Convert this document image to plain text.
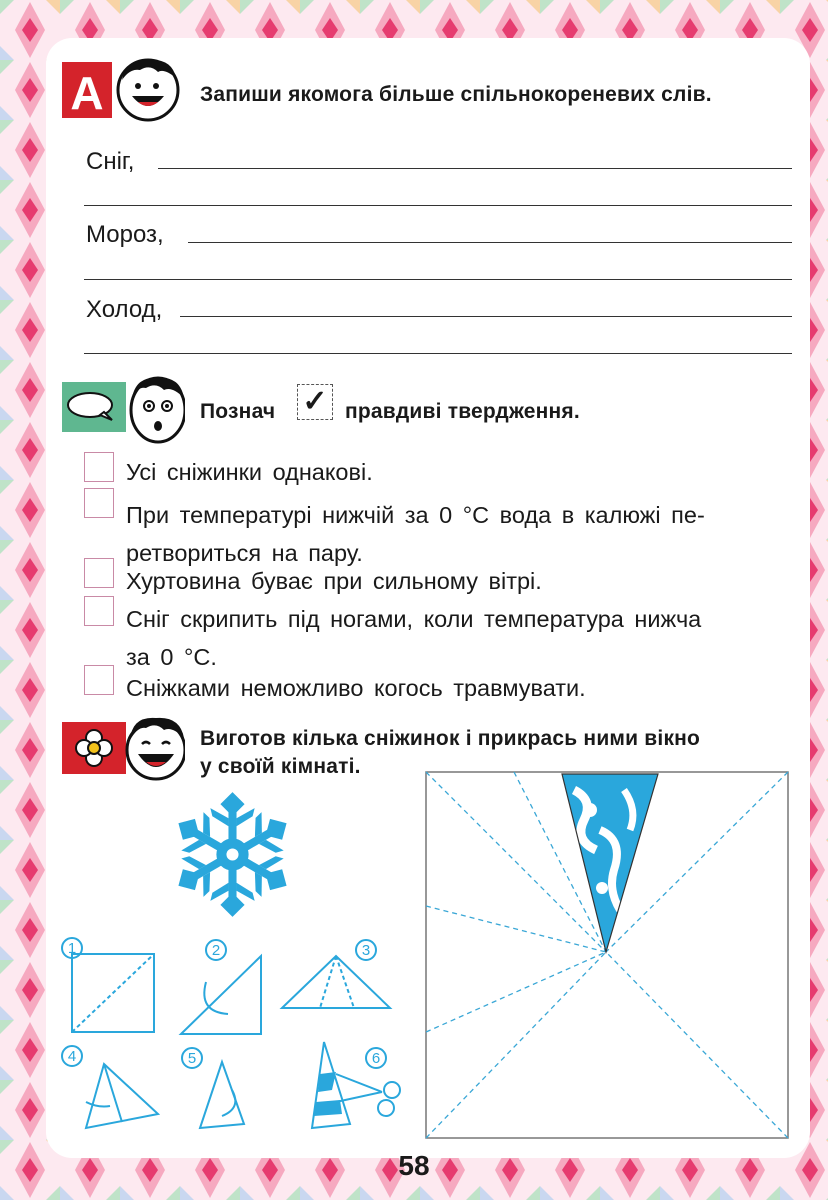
A	Запиши якомога більше спільнокореневих слів.
Сніг,
Мороз,
Холод,
Познач ✓ правдиві твердження.
Усі сніжинки однакові.
При температурі нижчій за 0 °С вода в калюжі пе-
ретвориться на пару.
Хуртовина буває при сильному вітрі.
Сніг скрипить під ногами, коли температура нижча
за 0 °С.
Сніжками неможливо когось травмувати.
Виготов кілька сніжинок і прикрась ними вікно
у своїй кімнаті.
1	2	3
4	5	6
58
